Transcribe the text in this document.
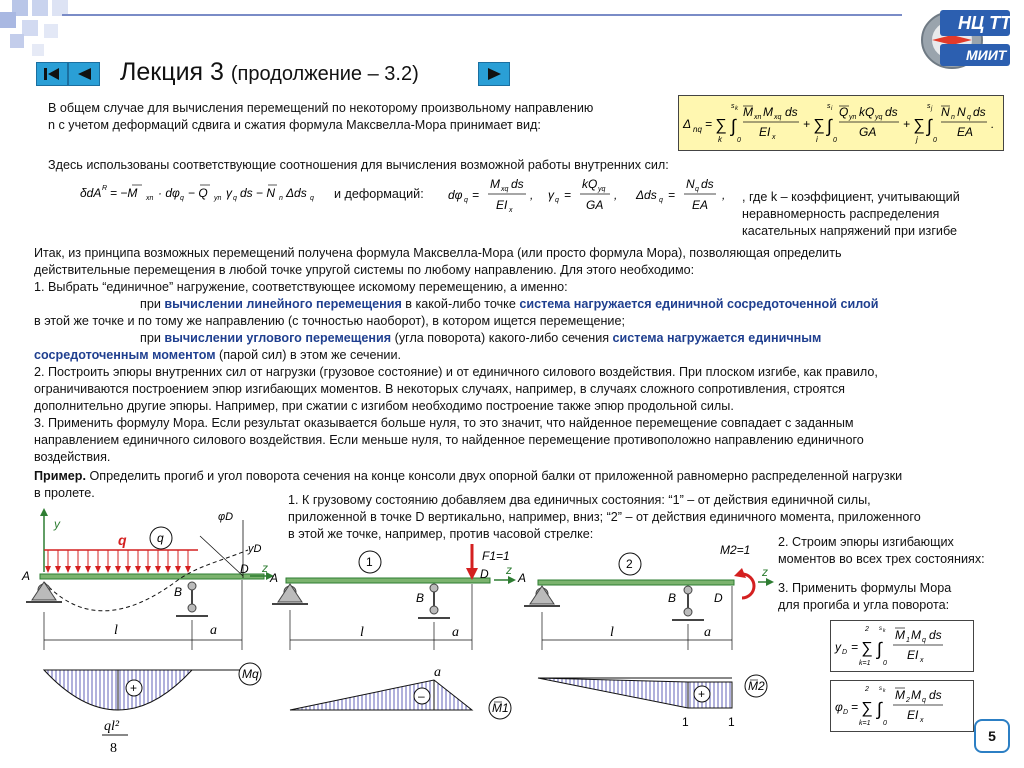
НЦ ТТ
МИИТ
Лекция 3 (продолжение – 3.2)
В общем случае для вычисления перемещений по некоторому произвольному направлению
n с учетом деформаций сдвига и сжатия формула Максвелла-Мора принимает вид:	Δ nq = ∑
k
s k
∫
0
M xn M xq ds
EI x
+ ∑
i
s i
∫
0
Q yn kQ yq ds
GA
+ ∑
j
s j
∫
0
N n N q ds
EA
.
Здесь использованы соответствующие соотношения для вычисления возможной работы внутренних сил:
δdA R = −M xn · dφ q − Q yn γ q ds − N n Δds q и деформаций: dφ q =
M xq ds
EI x
, γ q =
kQ yq
GA
, Δds q =
N q ds
EA
, , где k – коэффициент, учитывающий
неравномерность распределения
касательных напряжений при изгибе
Итак, из принципа возможных перемещений получена формула Максвелла-Мора (или просто формула Мора), позволяющая определить
действительные перемещения в любой точке упругой системы по любому направлению. Для этого необходимо:
1. Выбрать “единичное” нагружение, соответствующее искомому перемещению, а именно:
при вычислении линейного перемещения в какой-либо точке система нагружается единичной сосредоточенной силой
в этой же точке и по тому же направлению (с точностью наоборот), в котором ищется перемещение;
при вычислении углового перемещения (угла поворота) какого-либо сечения система нагружается единичным
сосредоточенным моментом (парой сил) в этом же сечении.
2. Построить эпюры внутренних сил от нагрузки (грузовое состояние) и от единичного силового воздействия. При плоском изгибе, как правило,
ограничиваются построением эпюр изгибающих моментов. В некоторых случаях, например, в случаях сложного сопротивления, строятся
дополнительно другие эпюры. Например, при сжатии с изгибом необходимо построение также эпюр продольной силы.
3. Применить формулу Мора. Если результат оказывается больше нуля, то это значит, что найденное перемещение совпадает с заданным
направлением единичного силового воздействия. Если меньше нуля, то найденное перемещение противоположно направлению единичного
воздействия.
Пример. Определить прогиб и угол поворота сечения на конце консоли двух опорной балки от приложенной равномерно распределенной нагрузки
в пролете.	1. К грузовому состоянию добавляем два единичных состояния: “1” – от действия единичной силы,
приложенной в точке D вертикально, например, вниз; “2” – от действия единичного момента, приложенного
в этой же точке, например, против часовой стрелке:
2. Строим эпюры изгибающих
моментов во всех трех состояниях:
3. Применить формулы Мора
для прогиба и угла поворота:
y D =
2
∑
k=1
s k
∫
0
M 1 M q ds
EI x
φ D =
2
∑
k=1
s k
∫
0
M 2 M q ds
EI x
y
q	q
φD
yD
D z
A
B
l	a
+
Mq
ql²
8
1
A
F1=1
D z
B
l	a
a
–
M1
2
A
M2=1
z
B	D
l	a
+
M2
1	1
5
